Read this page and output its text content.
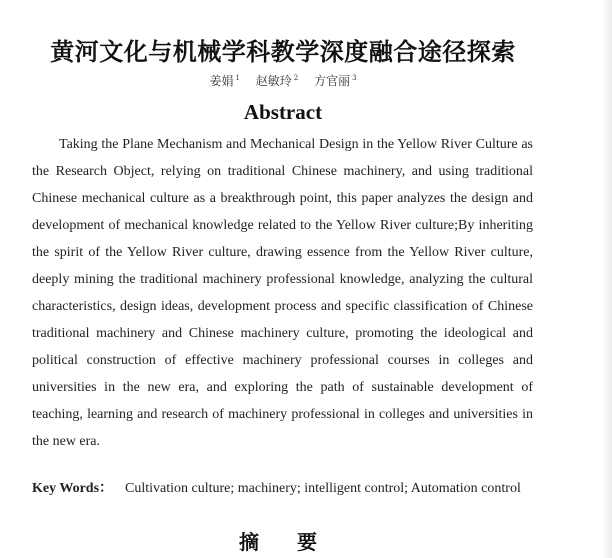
黄河文化与机械学科教学深度融合途径探索
姜娟 $^1$ 赵敏玲 $^2$ 方官丽 $^3$
Abstract

Taking the Plane Mechanism and Mechanical Design in the Yellow River Culture as the Research Object, relying on traditional Chinese machinery, and using traditional Chinese mechanical culture as a breakthrough point, this paper analyzes the design and development of mechanical knowledge related to the Yellow River culture;By inheriting the spirit of the Yellow River culture, drawing essence from the Yellow River culture, deeply mining the traditional machinery professional knowledge, analyzing the cultural characteristics, design ideas, development process and specific classification of Chinese traditional machinery and Chinese machinery culture, promoting the ideological and political construction of effective machinery professional courses in colleges and universities in the new era, and exploring the path of sustainable development of teaching, learning and research of machinery professional in colleges and universities in the new era.

Key Words： Cultivation culture; machinery; intelligent control; Automation control
摘要
